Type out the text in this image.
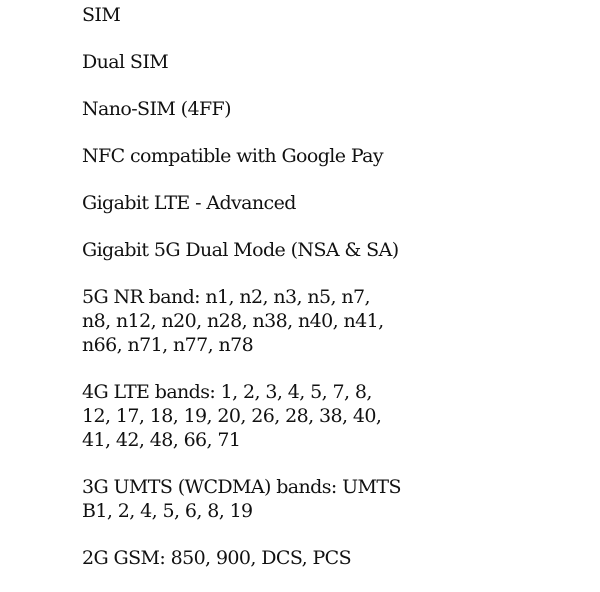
SIM
Dual SIM
Nano-SIM (4FF)
NFC compatible with Google Pay
Gigabit LTE - Advanced
Gigabit 5G Dual Mode (NSA & SA)
5G NR band: n1, n2, n3, n5, n7, n8, n12, n20, n28, n38, n40, n41, n66, n71, n77, n78
4G LTE bands: 1, 2, 3, 4, 5, 7, 8, 12, 17, 18, 19, 20, 26, 28, 38, 40, 41, 42, 48, 66, 71
3G UMTS (WCDMA) bands: UMTS B1, 2, 4, 5, 6, 8, 19
2G GSM: 850, 900, DCS, PCS
